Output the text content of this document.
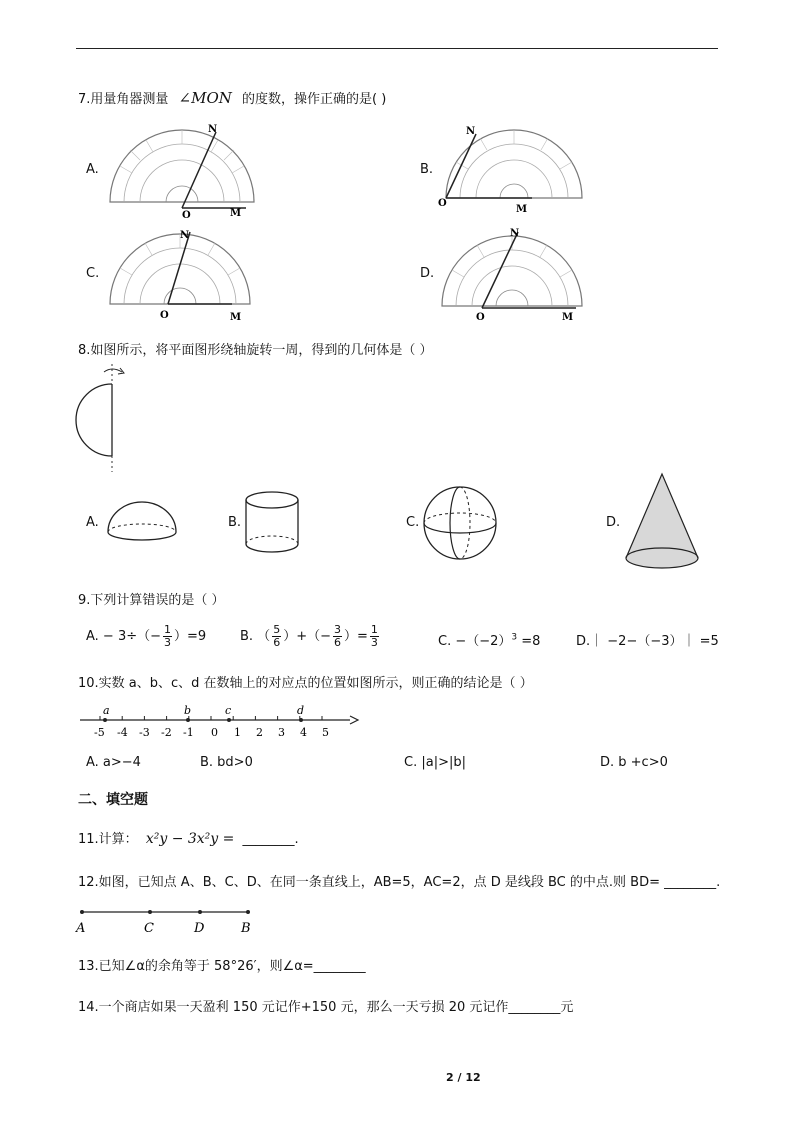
7.用量角器测量 ∠MON 的度数，操作正确的是( )
A.	B.
C.	D.
N
O	M
N
O
M
N
O	M
N
O	M
8.如图所示，将平面图形绕轴旋转一周，得到的几何体是（ ）
A.	B.	C.	D.
9.下列计算错误的是（ ）
A. − $3\div(- \frac{1}{3} )=9$	B. （ $\frac{5}{6}$ ）+（− $\frac{3}{6}$ ）= $\frac{1}{3}$	C. $-(-2)^3 =8$	D.｜ −2−（−3）｜ =5
10.实数 a、b、c、d 在数轴上的对应点的位置如图所示，则正确的结论是（ ）
a	b	c	d
-5 -4 -3 -2 -1 0 1 2 3 4 5
A. a>−4	B. bd>0	C. |a|>|b|	D. b +c>0
二、填空题
11.计算： x²y − 3x²y = ________.
12.如图，已知点 A、B、C、D、在同一条直线上，AB=5，AC=2，点 D 是线段 BC 的中点.则 BD= ________.
A	C	D	B
13.已知∠α的余角等于 58°26′，则∠α=________
14.一个商店如果一天盈利 150 元记作+150 元，那么一天亏损 20 元记作________元
2 / 12
